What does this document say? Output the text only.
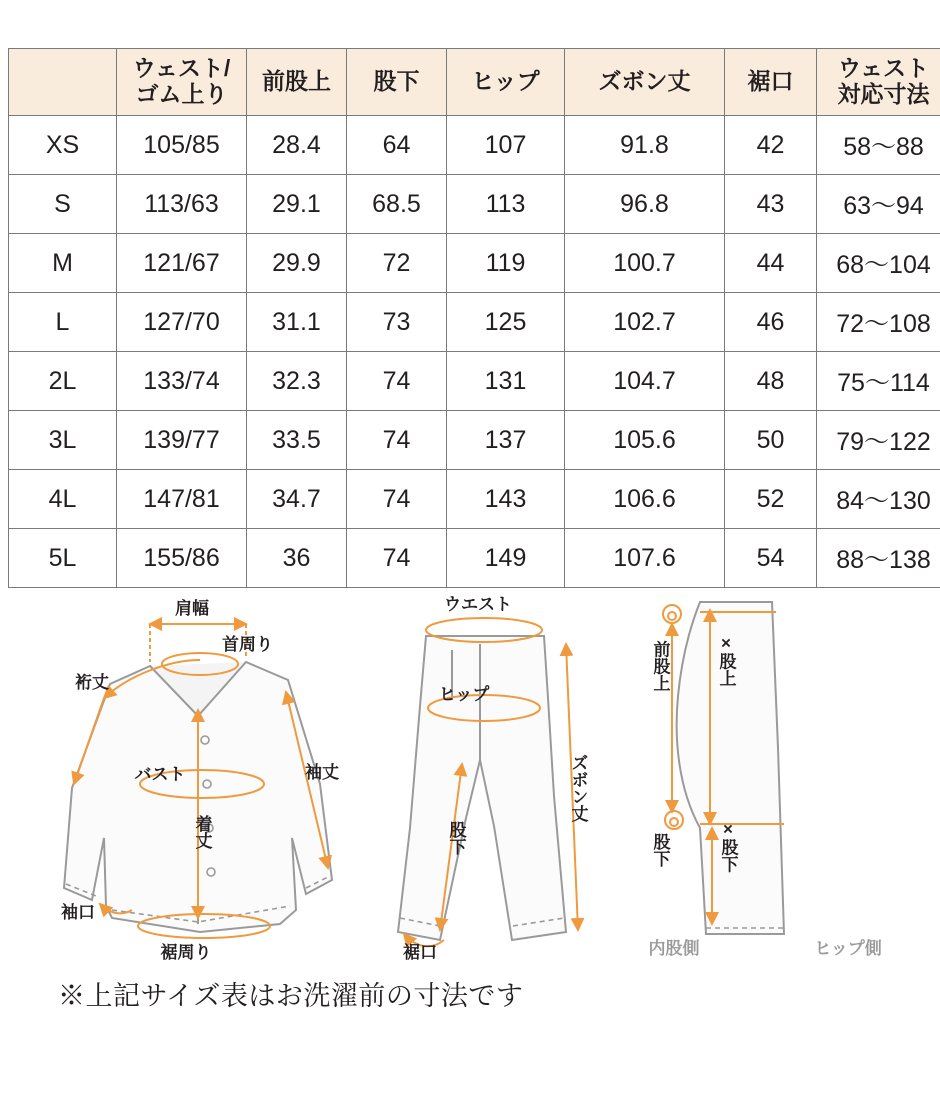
	ウェスト/
ゴム上り	前股上	股下	ヒップ	ズボン丈	裾口	ウェスト
対応寸法
XS	105/85	28.4	64	107	91.8	42	58〜88
S	113/63	29.1	68.5	113	96.8	43	63〜94
M	121/67	29.9	72	119	100.7	44	68〜104
L	127/70	31.1	73	125	102.7	46	72〜108
2L	133/74	32.3	74	131	104.7	48	75〜114
3L	139/77	33.5	74	137	105.6	50	79〜122
4L	147/81	34.7	74	143	106.6	52	84〜130
5L	155/86	36	74	149	107.6	54	88〜138
肩幅
首周り
裄丈
バスト	袖丈
着丈
袖口
裾周り
ウエスト
ヒップ
股下
ズボン丈
裾口
前股上	×股上
股下	×股下
内股側	ヒップ側
※上記サイズ表はお洗濯前の寸法です
